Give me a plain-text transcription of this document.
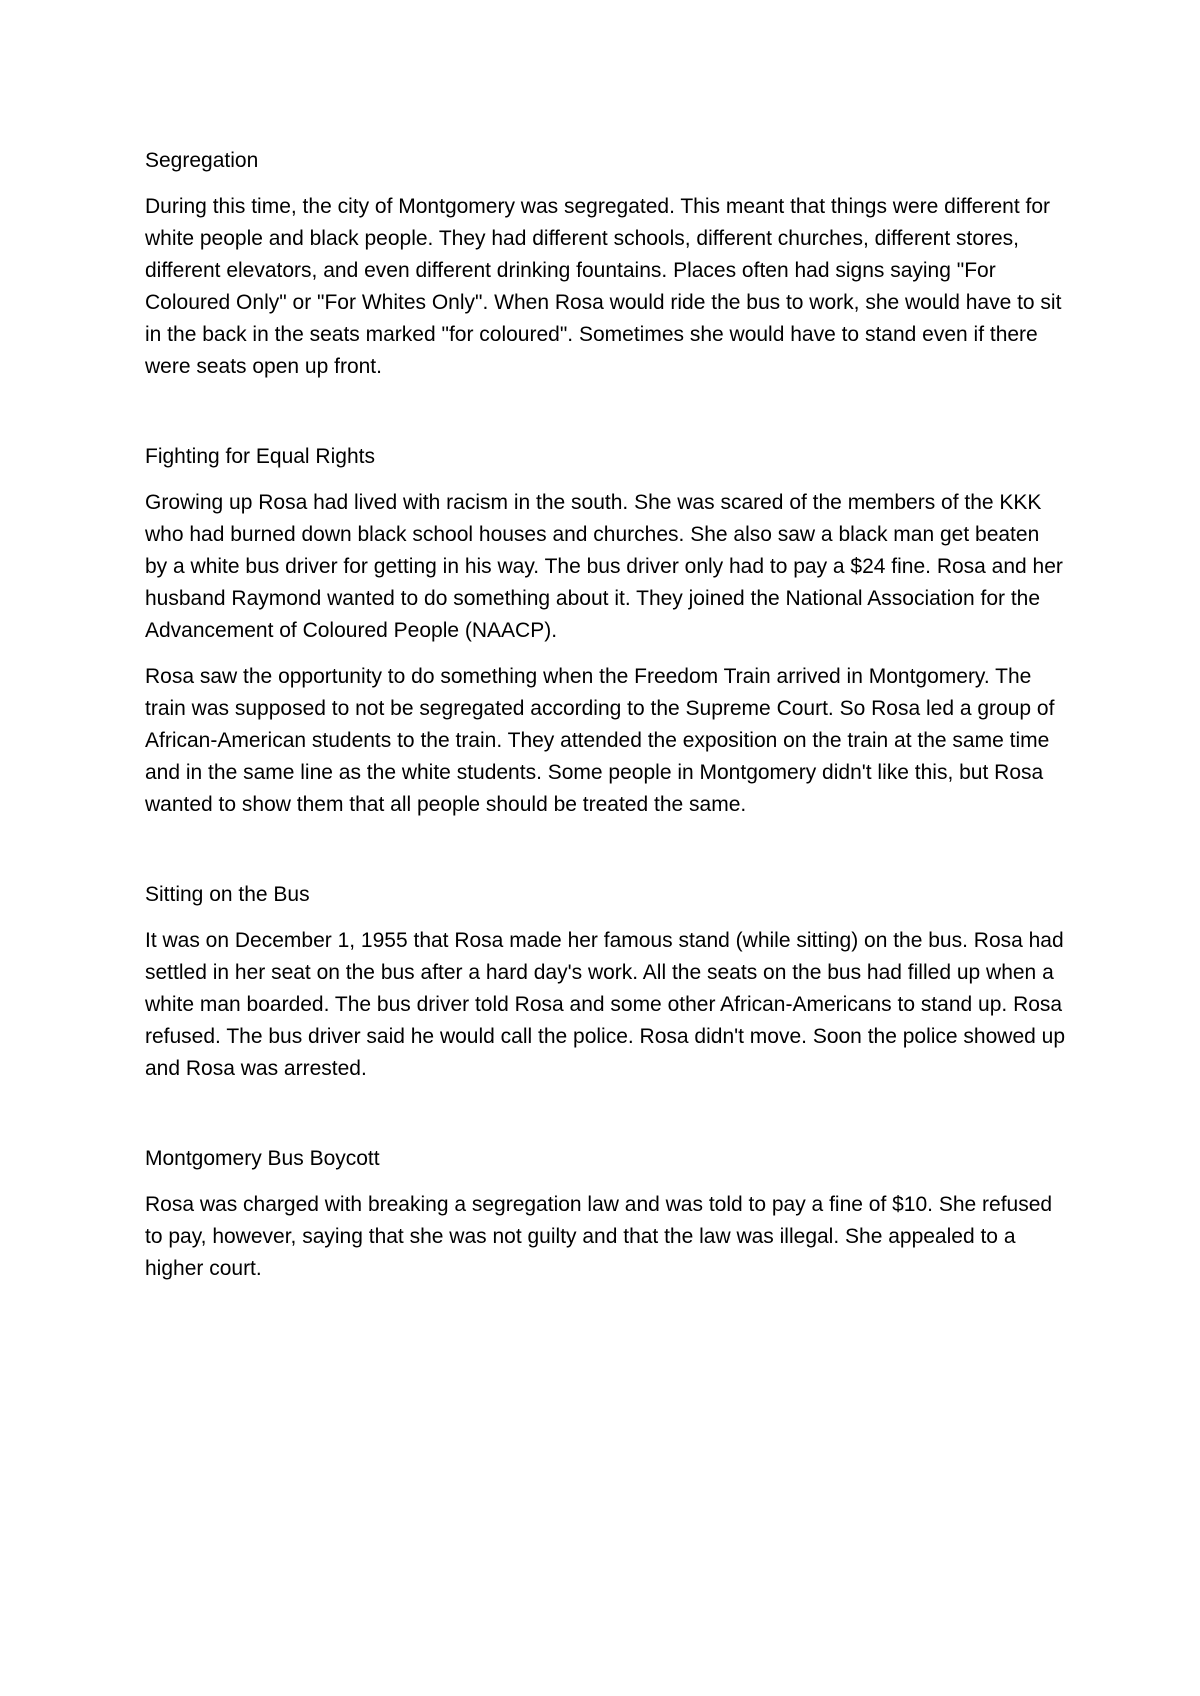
Segregation

During this time, the city of Montgomery was segregated. This meant that things were different for white people and black people. They had different schools, different churches, different stores, different elevators, and even different drinking fountains. Places often had signs saying "For Coloured Only" or "For Whites Only". When Rosa would ride the bus to work, she would have to sit in the back in the seats marked "for coloured". Sometimes she would have to stand even if there were seats open up front.

Fighting for Equal Rights

Growing up Rosa had lived with racism in the south. She was scared of the members of the KKK who had burned down black school houses and churches. She also saw a black man get beaten by a white bus driver for getting in his way. The bus driver only had to pay a $24 fine. Rosa and her husband Raymond wanted to do something about it. They joined the National Association for the Advancement of Coloured People (NAACP).

Rosa saw the opportunity to do something when the Freedom Train arrived in Montgomery. The train was supposed to not be segregated according to the Supreme Court. So Rosa led a group of African-American students to the train. They attended the exposition on the train at the same time and in the same line as the white students. Some people in Montgomery didn't like this, but Rosa wanted to show them that all people should be treated the same.

Sitting on the Bus

It was on December 1, 1955 that Rosa made her famous stand (while sitting) on the bus. Rosa had settled in her seat on the bus after a hard day's work. All the seats on the bus had filled up when a white man boarded. The bus driver told Rosa and some other African-Americans to stand up. Rosa refused. The bus driver said he would call the police. Rosa didn't move. Soon the police showed up and Rosa was arrested.

Montgomery Bus Boycott

Rosa was charged with breaking a segregation law and was told to pay a fine of $10. She refused to pay, however, saying that she was not guilty and that the law was illegal. She appealed to a higher court.
